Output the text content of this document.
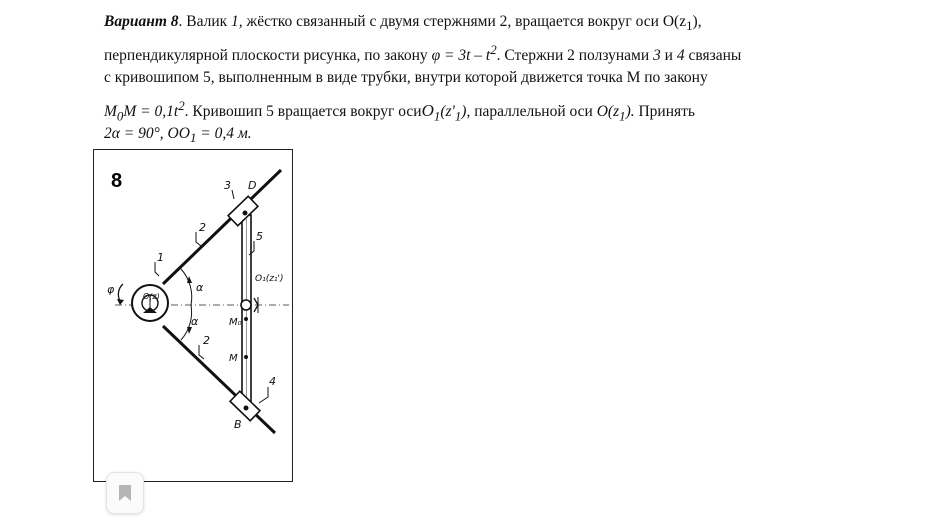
Вариант 8. Валик 1, жёстко связанный с двумя стержнями 2, вращается вокруг оси $O(z_1)$,
перпендикулярной плоскости рисунка, по закону $\varphi = 3t - t^2$. Стержни 2 ползунами 3 и 4 связаны
с кривошипом 5, выполненным в виде трубки, внутри которой движется точка М по закону
$M_0M = 0,1t^2$. Кривошип 5 вращается вокруг $осиO_1(z'_1)$, параллельной оси $O(z_1)$. Принять
2α = 90°, $OO_1 = 0,4$ м.
8
1
2
2
3 D
5
4
B
φ
O(z)
O₁(z₁')
α
α	M₀
M
